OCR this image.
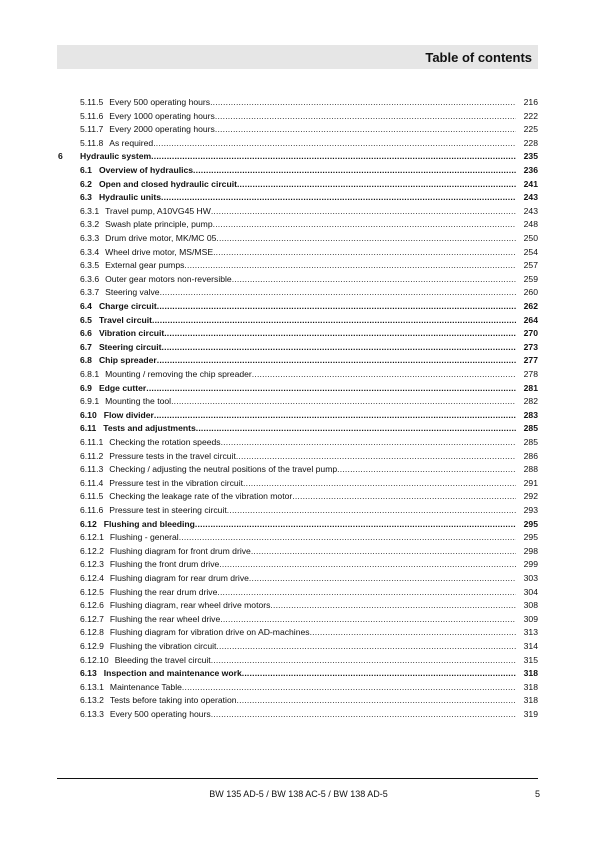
Table of contents
5.11.5 Every 500 operating hours .....	216
5.11.6 Every 1000 operating hours .....	222
5.11.7 Every 2000 operating hours .....	225
5.11.8 As required .....	228
6 Hydraulic system .....	235
6.1 Overview of hydraulics .....	236
6.2 Open and closed hydraulic circuit .....	241
6.3 Hydraulic units .....	243
6.3.1 Travel pump, A10VG45 HW .....	243
6.3.2 Swash plate principle, pump .....	248
6.3.3 Drum drive motor, MK/MC 05 .....	250
6.3.4 Wheel drive motor, MS/MSE .....	254
6.3.5 External gear pumps .....	257
6.3.6 Outer gear motors non-reversible .....	259
6.3.7 Steering valve .....	260
6.4 Charge circuit .....	262
6.5 Travel circuit .....	264
6.6 Vibration circuit .....	270
6.7 Steering circuit .....	273
6.8 Chip spreader .....	277
6.8.1 Mounting / removing the chip spreader .....	278
6.9 Edge cutter .....	281
6.9.1 Mounting the tool .....	282
6.10 Flow divider .....	283
6.11 Tests and adjustments .....	285
6.11.1 Checking the rotation speeds .....	285
6.11.2 Pressure tests in the travel circuit .....	286
6.11.3 Checking / adjusting the neutral positions of the travel pump .....	288
6.11.4 Pressure test in the vibration circuit .....	291
6.11.5 Checking the leakage rate of the vibration motor .....	292
6.11.6 Pressure test in steering circuit .....	293
6.12 Flushing and bleeding .....	295
6.12.1 Flushing - general .....	295
6.12.2 Flushing diagram for front drum drive .....	298
6.12.3 Flushing the front drum drive .....	299
6.12.4 Flushing diagram for rear drum drive .....	303
6.12.5 Flushing the rear drum drive .....	304
6.12.6 Flushing diagram, rear wheel drive motors .....	308
6.12.7 Flushing the rear wheel drive .....	309
6.12.8 Flushing diagram for vibration drive on AD-machines .....	313
6.12.9 Flushing the vibration circuit .....	314
6.12.10 Bleeding the travel circuit .....	315
6.13 Inspection and maintenance work .....	318
6.13.1 Maintenance Table .....	318
6.13.2 Tests before taking into operation .....	318
6.13.3 Every 500 operating hours .....	319
BW 135 AD-5 / BW 138 AC-5 / BW 138 AD-5	5
